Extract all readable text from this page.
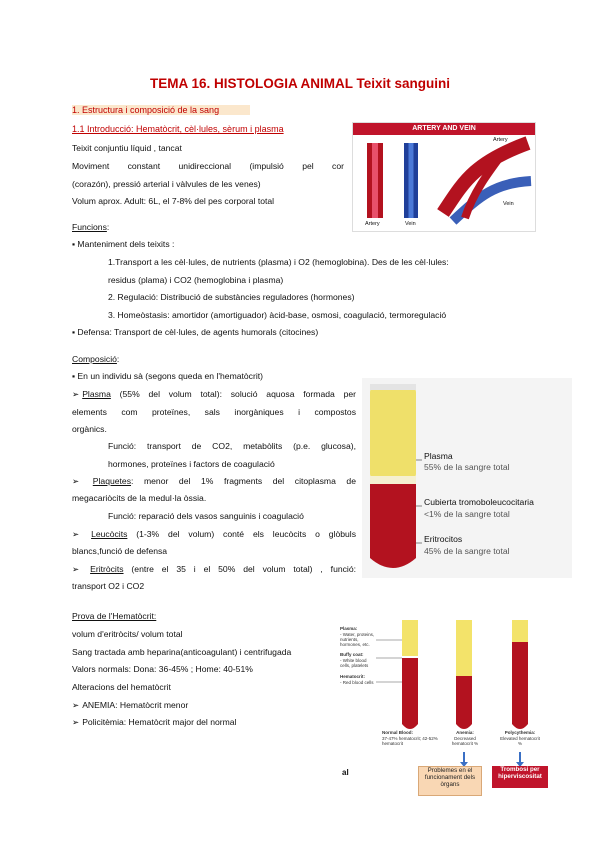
TEMA 16. HISTOLOGIA ANIMAL Teixit sanguini
1. Estructura i composició de la sang
1.1 Introducció: Hematòcrit, cèl·lules, sèrum i plasma
Teixit conjuntiu líquid , tancat
Moviment constant unidireccional (impulsió pel cor
(corazón), pressió arterial i vàlvules de les venes)
Volum aprox. Adult: 6L, el 7-8% del pes corporal total
ARTERY AND VEIN
Artery
Vein
Artery	Vein
Funcions:
▪ Manteniment dels teixits :
1.Transport a les cèl·lules, de nutrients (plasma) i O2 (hemoglobina). Des de les cèl·lules:
residus (plama) i CO2 (hemoglobina i plasma)
2. Regulació: Distribució de substàncies reguladores (hormones)
3. Homeòstasis: amortidor (amortiguador) àcid-base, osmosi, coagulació, termoregulació
▪ Defensa: Transport de cèl·lules, de agents humorals (citocines)
Composició:
▪ En un individu sà (segons queda en l'hematòcrit)
➢ Plasma (55% del volum total): solució aquosa formada per
elements com proteïnes, sals inorgàniques i compostos
orgànics.
Funció: transport de CO2, metabòlits (p.e. glucosa),
hormones, proteïnes i factors de coagulació
➢ Plaquetes: menor del 1% fragments del citoplasma de
megacariòcits de la medul·la òssia.
Funció: reparació dels vasos sanguinis i coagulació
➢ Leucòcits (1-3% del volum) conté els leucòcits o glòbuls
blancs,funció de defensa
➢ Eritròcits (entre el 35 i el 50% del volum total) , funció:
transport O2 i CO2
Plasma
55% de la sangre total
Cubierta tromoboleucocitaria
<1% de la sangre total
Eritrocitos
45% de la sangre total
Prova de l'Hematòcrit:
volum d'eritròcits/ volum total
Sang tractada amb heparina(anticoagulant) i centrifugada
Valors normals: Dona: 36-45% ; Home: 40-51%
Alteracions del hematòcrit
➢ ANEMIA: Hematòcrit menor
➢ Policitèmia: Hematòcrit major del normal
Plasma:
- Water, proteins, nutrients, hormones, etc.
Buffy coat:
- White blood cells, platelets
Hematocrit:
- Red blood cells
Normal Blood:
37-47% hematocrit; 42-52% hematocrit
Anemia:
Decreased hematocrit %
Polycythemia:
Elevated hematocrit %
Problemes en el funcionament dels òrgans
Trombosi per hiperviscositat
al
